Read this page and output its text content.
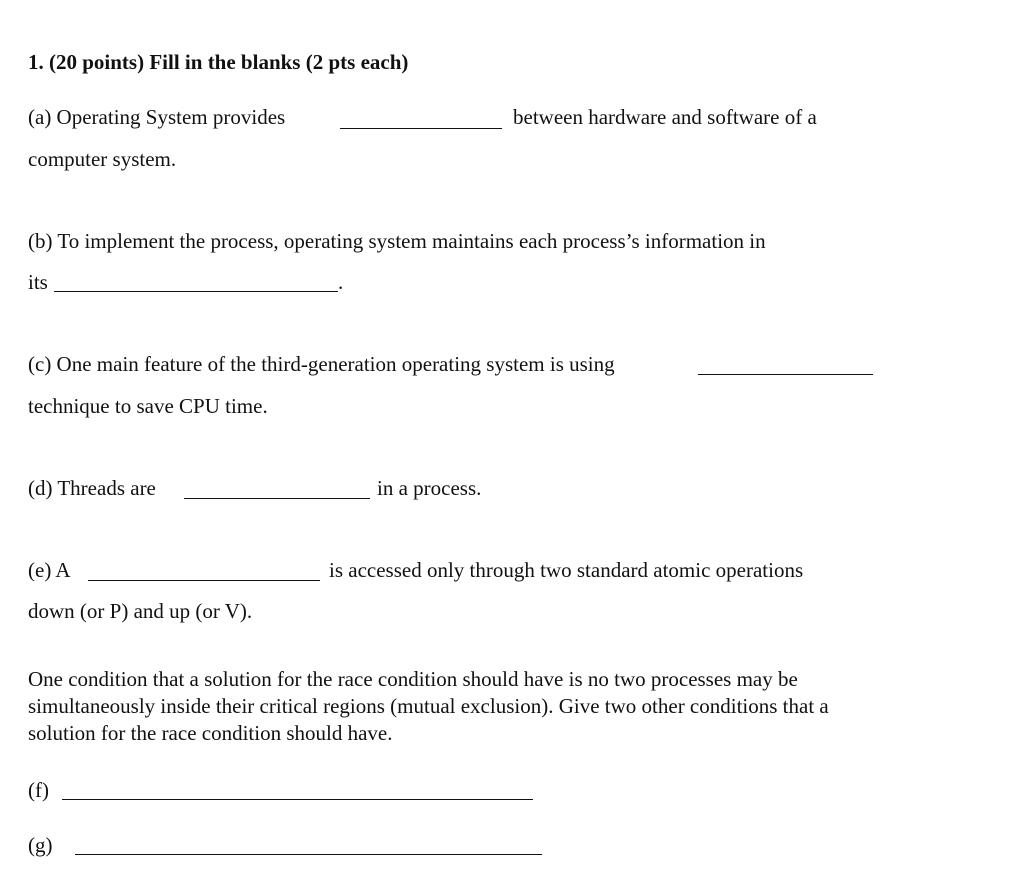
1. (20 points) Fill in the blanks (2 pts each)
(a) Operating System provides	between hardware and software of a
computer system.
(b) To implement the process, operating system maintains each process’s information in
its	.
(c) One main feature of the third-generation operating system is using
technique to save CPU time.
(d) Threads are	in a process.
(e) A	is accessed only through two standard atomic operations
down (or P) and up (or V).
One condition that a solution for the race condition should have is no two processes may be simultaneously inside their critical regions (mutual exclusion). Give two other conditions that a solution for the race condition should have.
(f)
(g)
